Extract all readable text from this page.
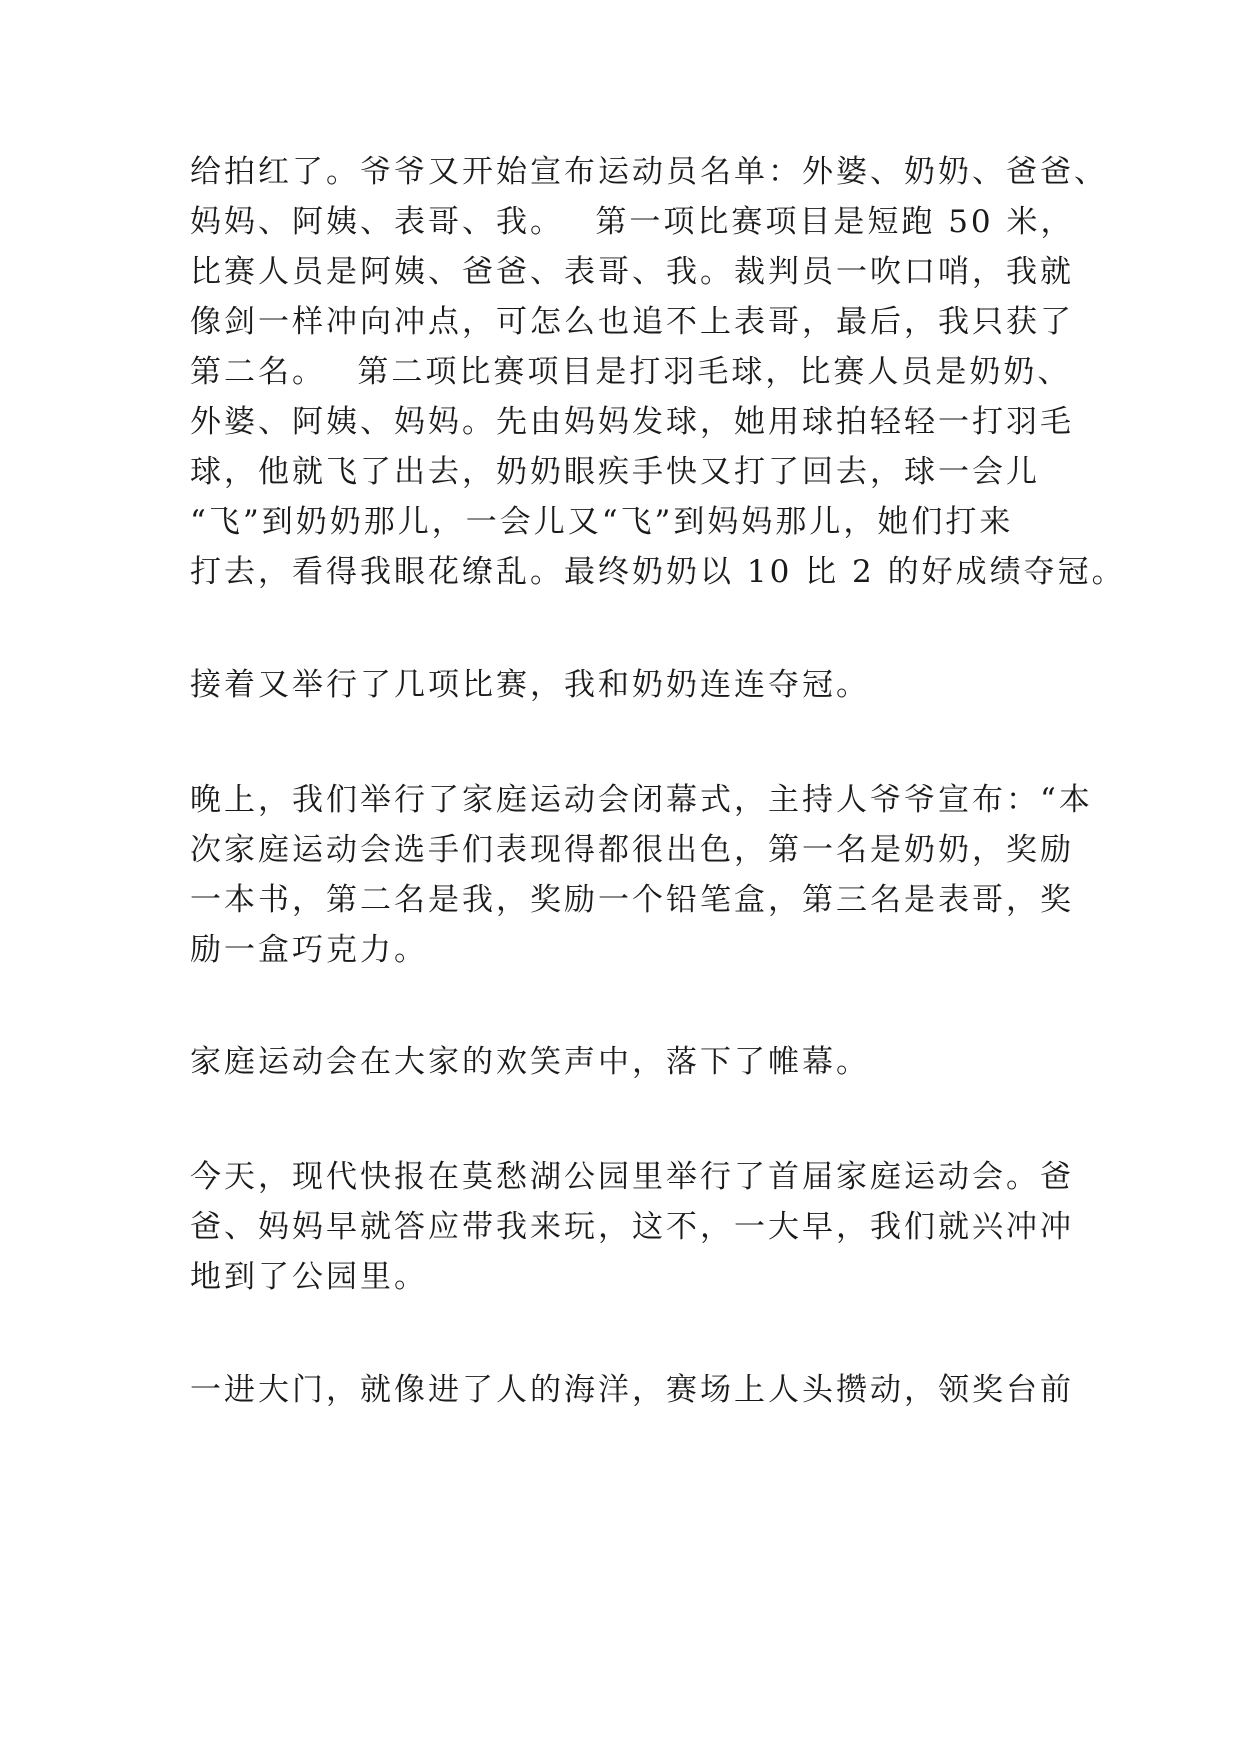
给拍红了。爷爷又开始宣布运动员名单：外婆、奶奶、爸爸、

妈妈、阿姨、表哥、我。　 第一项比赛项目是短跑 50 米，

比赛人员是阿姨、爸爸、表哥、我。裁判员一吹口哨，我就

像剑一样冲向冲点，可怎么也追不上表哥，最后，我只获了

第二名。　 第二项比赛项目是打羽毛球，比赛人员是奶奶、

外婆、阿姨、妈妈。先由妈妈发球，她用球拍轻轻一打羽毛

球，他就飞了出去，奶奶眼疾手快又打了回去，球一会儿

“飞”到奶奶那儿，一会儿又“飞”到妈妈那儿，她们打来

打去，看得我眼花缭乱。最终奶奶以 10 比 2 的好成绩夺冠。

接着又举行了几项比赛，我和奶奶连连夺冠。

晚上，我们举行了家庭运动会闭幕式，主持人爷爷宣布：“本

次家庭运动会选手们表现得都很出色，第一名是奶奶，奖励

一本书，第二名是我，奖励一个铅笔盒，第三名是表哥，奖

励一盒巧克力。

家庭运动会在大家的欢笑声中，落下了帷幕。

今天，现代快报在莫愁湖公园里举行了首届家庭运动会。爸

爸、妈妈早就答应带我来玩，这不，一大早，我们就兴冲冲

地到了公园里。

一进大门，就像进了人的海洋，赛场上人头攒动，领奖台前
